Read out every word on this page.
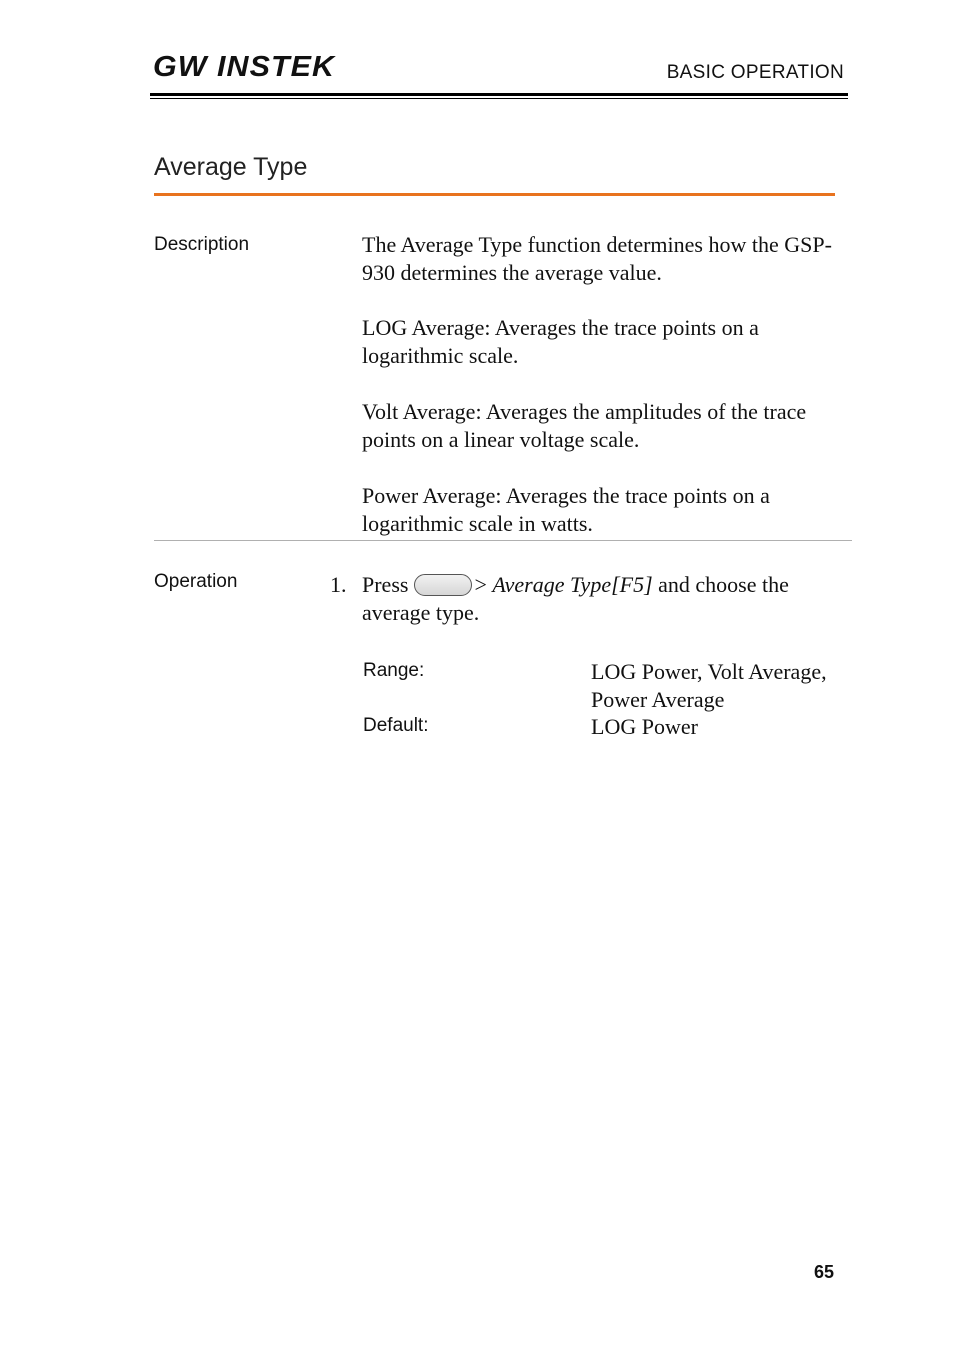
GW INSTEK	BASIC OPERATION
Average Type
Description	The Average Type function determines how the GSP-930 determines the average value.

LOG Average: Averages the trace points on a logarithmic scale.

Volt Average: Averages the amplitudes of the trace points on a linear voltage scale.

Power Average: Averages the trace points on a logarithmic scale in watts.

Operation	1. Press	> Average Type[F5] and choose the average type.
Range:	LOG Power, Volt Average, Power Average
Default:	LOG Power
65
